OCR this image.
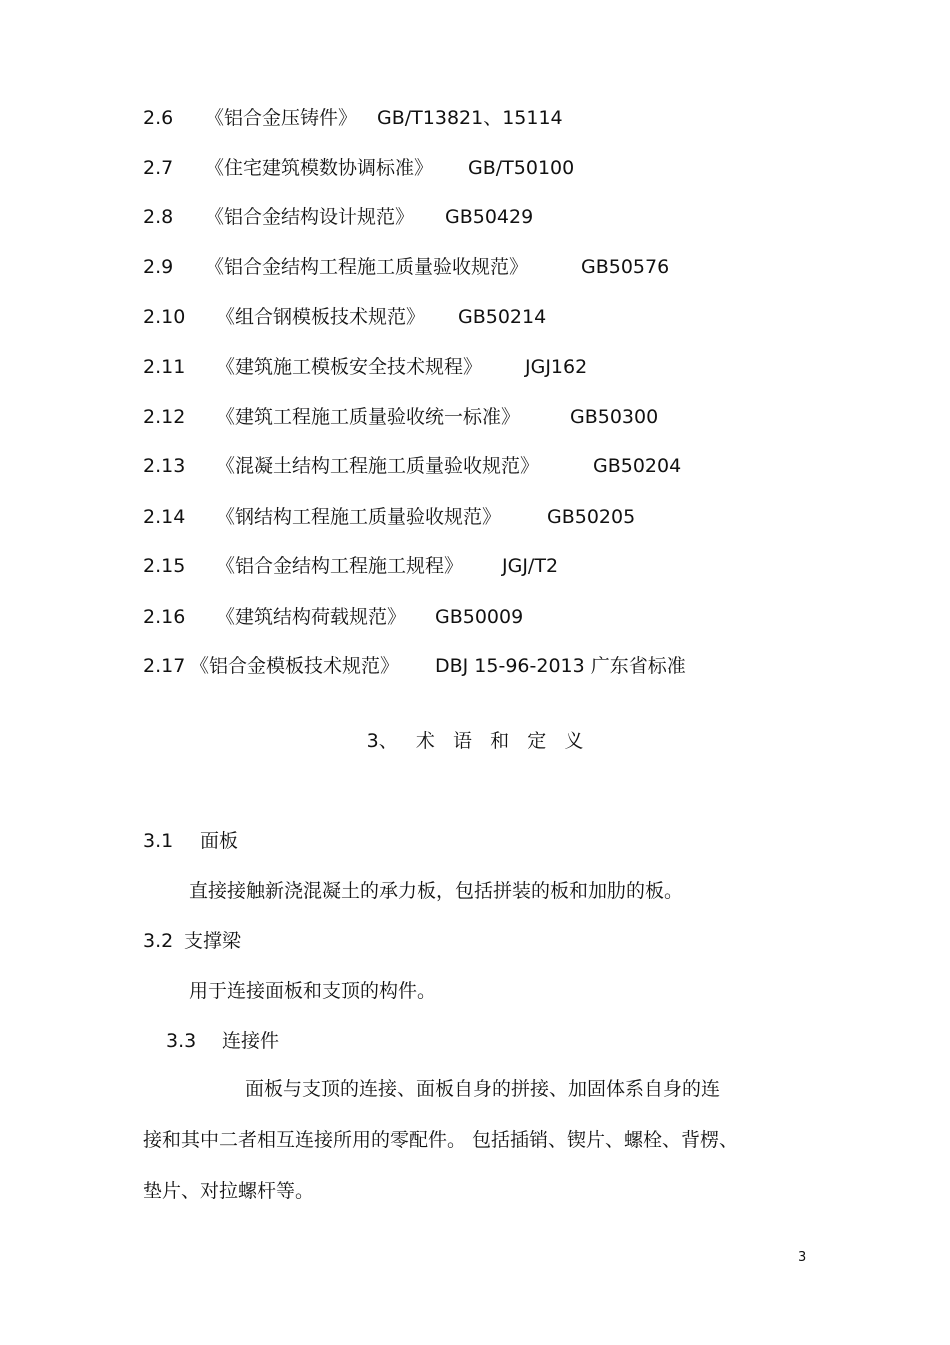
2.6 《铝合金压铸件》 GB/T13821、15114
2.7 《住宅建筑模数协调标准》 GB/T50100
2.8 《铝合金结构设计规范》 GB50429
2.9 《铝合金结构工程施工质量验收规范》	GB50576
2.10 《组合钢模板技术规范》 GB50214
2.11 《建筑施工模板安全技术规程》 JGJ162
2.12 《建筑工程施工质量验收统一标准》	GB50300
2.13 《混凝土结构工程施工质量验收规范》	GB50204
2.14 《钢结构工程施工质量验收规范》 GB50205
2.15 《铝合金结构工程施工规程》 JGJ/T2
2.16 《建筑结构荷载规范》 GB50009
2.17 《铝合金模板技术规范》 DBJ 15-96-2013 广东省标准
3、   术   语   和   定   义
3.1 面板
直接接触新浇混凝土的承力板，包括拼装的板和加肋的板。
3.2 支撑梁
用于连接面板和支顶的构件。
3.3 连接件
面板与支顶的连接、面板自身的拼接、加固体系自身的连
接和其中二者相互连接所用的零配件。 包括插销、锲片、螺栓、背楞、
垫片、对拉螺杆等。
3
